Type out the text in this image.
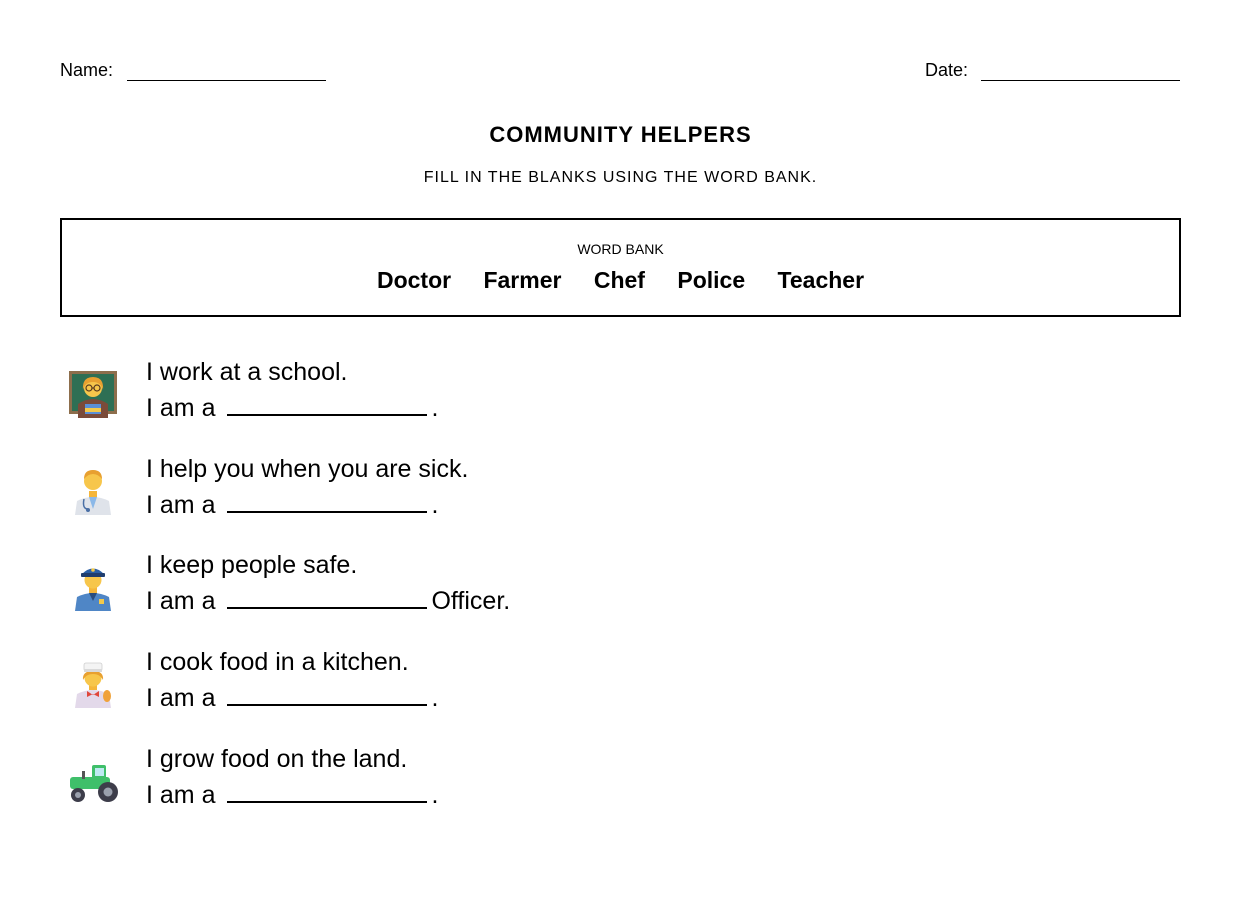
Name:	Date:
COMMUNITY HELPERS
FILL IN THE BLANKS USING THE WORD BANK.
WORD BANK
Doctor Farmer Chef Police Teacher
I work at a school.
I am a	.
I help you when you are sick.
I am a	.
I keep people safe.
I am a	Officer.
I cook food in a kitchen.
I am a	.
I grow food on the land.
I am a	.
